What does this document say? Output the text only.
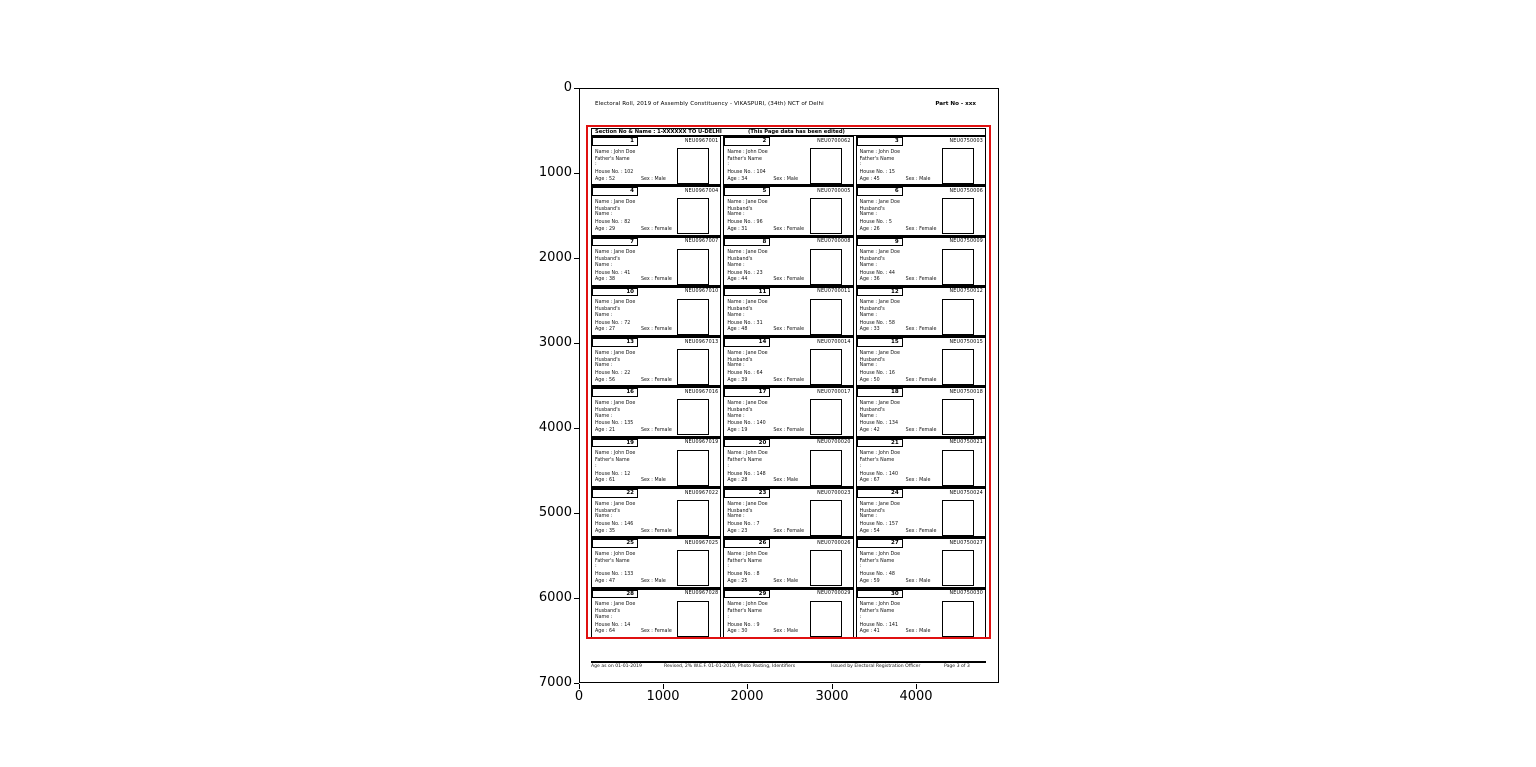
0
1000
2000
3000
4000
5000
6000
7000
0	1000	2000	3000	4000
Electoral Roll, 2019 of Assembly Constituency - VIKASPURI, (34th) NCT of Delhi	Part No - xxx
Section No & Name : 1-XXXXXX TO U-DELHI	(This Page data has been edited)
1	NEU0967001
Name : John Doe
Father's Name :
House No. : 102
Age : 52	Sex : Male
2	NEU0700062
Name : John Doe
Father's Name :
House No. : 104
Age : 34	Sex : Male
3	NEU0750003
Name : John Doe
Father's Name :
House No. : 15
Age : 45	Sex : Male
4	NEU0967004
Name : Jane Doe
Husband's Name :
House No. : 82
Age : 29	Sex : Female
5	NEU0700005
Name : Jane Doe
Husband's Name :
House No. : 96
Age : 31	Sex : Female
6	NEU0750006
Name : Jane Doe
Husband's Name :
House No. : 5
Age : 26	Sex : Female
7	NEU0967007
Name : Jane Doe
Husband's Name :
House No. : 41
Age : 38	Sex : Female
8	NEU0700008
Name : Jane Doe
Husband's Name :
House No. : 23
Age : 44	Sex : Female
9	NEU0750009
Name : Jane Doe
Husband's Name :
House No. : 44
Age : 36	Sex : Female
10	NEU0967010
Name : Jane Doe
Husband's Name :
House No. : 72
Age : 27	Sex : Female
11	NEU0700011
Name : Jane Doe
Husband's Name :
House No. : 31
Age : 48	Sex : Female
12	NEU0750012
Name : Jane Doe
Husband's Name :
House No. : 58
Age : 33	Sex : Female
13	NEU0967013
Name : Jane Doe
Husband's Name :
House No. : 22
Age : 56	Sex : Female
14	NEU0700014
Name : Jane Doe
Husband's Name :
House No. : 64
Age : 39	Sex : Female
15	NEU0750015
Name : Jane Doe
Husband's Name :
House No. : 16
Age : 50	Sex : Female
16	NEU0967016
Name : Jane Doe
Husband's Name :
House No. : 135
Age : 21	Sex : Female
17	NEU0700017
Name : Jane Doe
Husband's Name :
House No. : 140
Age : 19	Sex : Female
18	NEU0750018
Name : Jane Doe
Husband's Name :
House No. : 134
Age : 42	Sex : Female
19	NEU0967019
Name : John Doe
Father's Name :
House No. : 12
Age : 61	Sex : Male
20	NEU0700020
Name : John Doe
Father's Name :
House No. : 148
Age : 28	Sex : Male
21	NEU0750021
Name : John Doe
Father's Name :
House No. : 140
Age : 67	Sex : Male
22	NEU0967022
Name : Jane Doe
Husband's Name :
House No. : 146
Age : 35	Sex : Female
23	NEU0700023
Name : Jane Doe
Husband's Name :
House No. : 7
Age : 23	Sex : Female
24	NEU0750024
Name : Jane Doe
Husband's Name :
House No. : 157
Age : 54	Sex : Female
25	NEU0967025
Name : John Doe
Father's Name :
House No. : 133
Age : 47	Sex : Male
26	NEU0700026
Name : John Doe
Father's Name :
House No. : 8
Age : 25	Sex : Male
27	NEU0750027
Name : John Doe
Father's Name :
House No. : 48
Age : 59	Sex : Male
28	NEU0967028
Name : Jane Doe
Husband's Name :
House No. : 14
Age : 64	Sex : Female
29	NEU0700029
Name : John Doe
Father's Name :
House No. : 9
Age : 30	Sex : Male
30	NEU0750030
Name : John Doe
Father's Name :
House No. : 141
Age : 41	Sex : Male
Age as on 01-01-2019	Revised, 2% W.E.F. 01-01-2019, Photo Pasting, Identifiers	Issued by Electoral Registration Officer	Page 3 of 3
